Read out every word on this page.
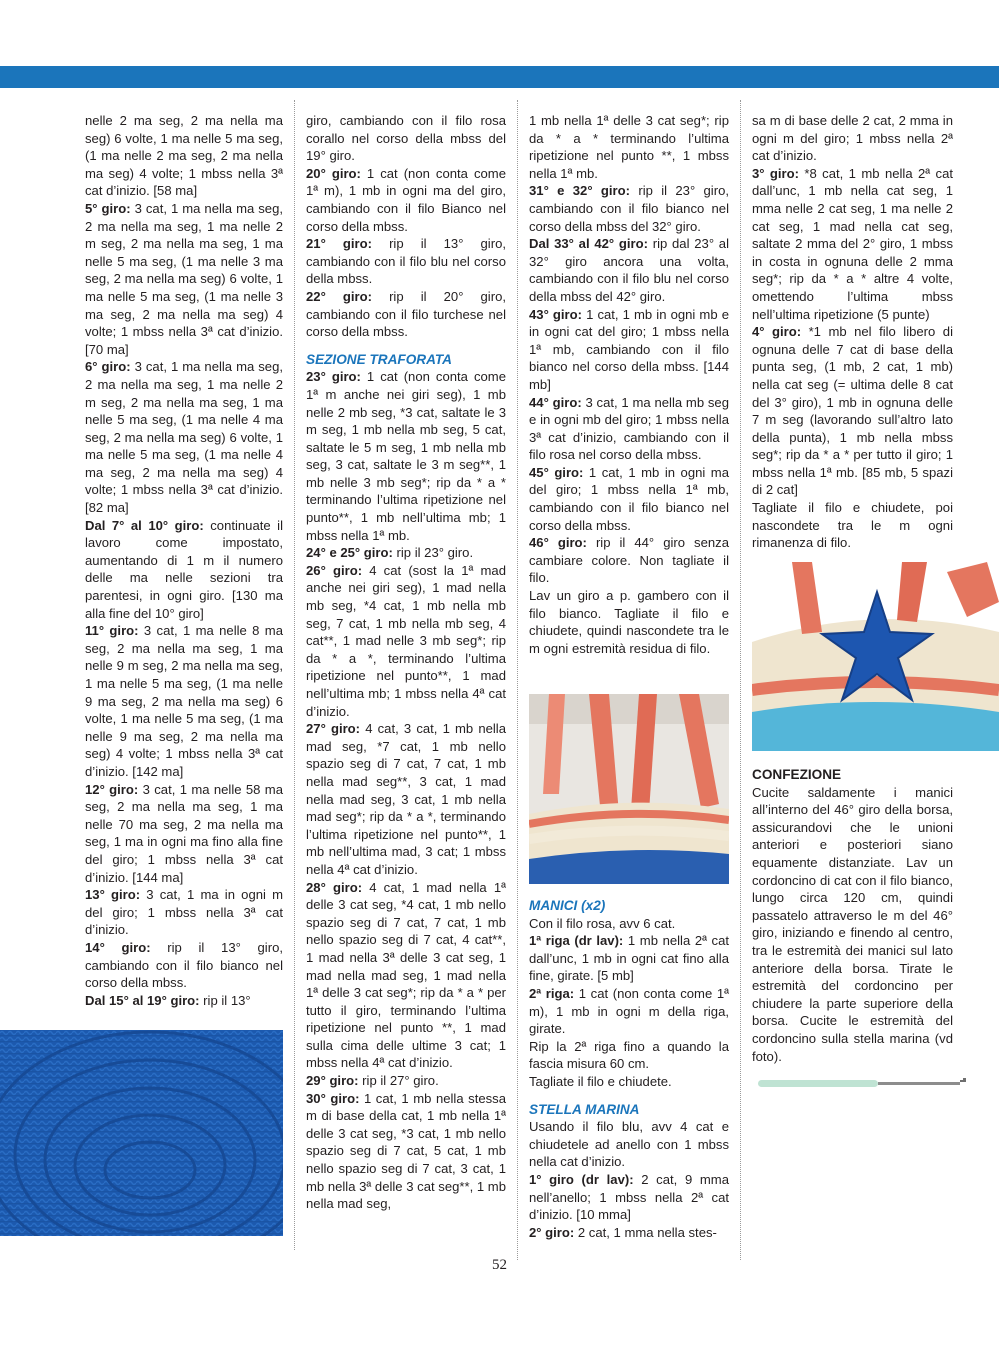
nelle 2 ma seg, 2 ma nella ma seg) 6 volte, 1 ma nelle 5 ma seg, (1 ma nelle 2 ma seg, 2 ma nella ma seg) 4 volte; 1 mbss nella 3ª cat d’inizio. [58 ma]

5° giro: 3 cat, 1 ma nella ma seg, 2 ma nella ma seg, 1 ma nelle 2 m seg, 2 ma nella ma seg, 1 ma nelle 5 ma seg, (1 ma nelle 3 ma seg, 2 ma nella ma seg) 6 volte, 1 ma nelle 5 ma seg, (1 ma nelle 3 ma seg, 2 ma nella ma seg) 4 volte; 1 mbss nella 3ª cat d’inizio. [70 ma]

6° giro: 3 cat, 1 ma nella ma seg, 2 ma nella ma seg, 1 ma nelle 2 m seg, 2 ma nella ma seg, 1 ma nelle 5 ma seg, (1 ma nelle 4 ma seg, 2 ma nella ma seg) 6 volte, 1 ma nelle 5 ma seg, (1 ma nelle 4 ma seg, 2 ma nella ma seg) 4 volte; 1 mbss nella 3ª cat d’inizio. [82 ma]

Dal 7° al 10° giro: continuate il lavoro come impostato, aumentando di 1 m il numero delle ma nelle sezioni tra parentesi, in ogni giro. [130 ma alla fine del 10° giro]

11° giro: 3 cat, 1 ma nelle 8 ma seg, 2 ma nella ma seg, 1 ma nelle 9 m seg, 2 ma nella ma seg, 1 ma nelle 5 ma seg, (1 ma nelle 9 ma seg, 2 ma nella ma seg) 6 volte, 1 ma nelle 5 ma seg, (1 ma nelle 9 ma seg, 2 ma nella ma seg) 4 volte; 1 mbss nella 3ª cat d’inizio. [142 ma]

12° giro: 3 cat, 1 ma nelle 58 ma seg, 2 ma nella ma seg, 1 ma nelle 70 ma seg, 2 ma nella ma seg, 1 ma in ogni ma fino alla fine del giro; 1 mbss nella 3ª cat d’inizio. [144 ma]

13° giro: 3 cat, 1 ma in ogni m del giro; 1 mbss nella 3ª cat d’inizio.

14° giro: rip il 13° giro, cambiando con il filo bianco nel corso della mbss.

Dal 15° al 19° giro: rip il 13°

giro, cambiando con il filo rosa corallo nel corso della mbss del 19° giro.

20° giro: 1 cat (non conta come 1ª m), 1 mb in ogni ma del giro, cambiando con il filo Bianco nel corso della mbss.

21° giro: rip il 13° giro, cambiando con il filo blu nel corso della mbss.

22° giro: rip il 20° giro, cambiando con il filo turchese nel corso della mbss.

SEZIONE TRAFORATA

23° giro: 1 cat (non conta come 1ª m anche nei giri seg), 1 mb nelle 2 mb seg, *3 cat, saltate le 3 m seg, 1 mb nella mb seg, 5 cat, saltate le 5 m seg, 1 mb nella mb seg, 3 cat, saltate le 3 m seg**, 1 mb nelle 3 mb seg*; rip da * a * terminando l’ultima ripetizione nel punto**, 1 mb nell’ultima mb; 1 mbss nella 1ª mb.

24° e 25° giro: rip il 23° giro.

26° giro: 4 cat (sost la 1ª mad anche nei giri seg), 1 mad nella mb seg, *4 cat, 1 mb nella mb seg, 7 cat, 1 mb nella mb seg, 4 cat**, 1 mad nelle 3 mb seg*; rip da * a *, terminando l’ultima ripetizione nel punto**, 1 mad nell’ultima mb; 1 mbss nella 4ª cat d’inizio.

27° giro: 4 cat, 3 cat, 1 mb nella mad seg, *7 cat, 1 mb nello spazio seg di 7 cat, 7 cat, 1 mb nella mad seg**, 3 cat, 1 mad nella mad seg, 3 cat, 1 mb nella mad seg*; rip da * a *, terminando l’ultima ripetizione nel punto**, 1 mb nell’ultima mad, 3 cat; 1 mbss nella 4ª cat d’inizio.

28° giro: 4 cat, 1 mad nella 1ª delle 3 cat seg, *4 cat, 1 mb nello spazio seg di 7 cat, 7 cat, 1 mb nello spazio seg di 7 cat, 4 cat**, 1 mad nella 3ª delle 3 cat seg, 1 mad nella mad seg, 1 mad nella 1ª delle 3 cat seg*; rip da * a * per tutto il giro, terminando l’ultima ripetizione nel punto **, 1 mad sulla cima delle ultime 3 cat; 1 mbss nella 4ª cat d’inizio.

29° giro: rip il 27° giro.

30° giro: 1 cat, 1 mb nella stessa m di base della cat, 1 mb nella 1ª delle 3 cat seg, *3 cat, 1 mb nello spazio seg di 7 cat, 5 cat, 1 mb nello spazio seg di 7 cat, 3 cat, 1 mb nella 3ª delle 3 cat seg**, 1 mb nella mad seg,

1 mb nella 1ª delle 3 cat seg*; rip da * a * terminando l’ultima ripetizione nel punto **, 1 mbss nella 1ª mb.

31° e 32° giro: rip il 23° giro, cambiando con il filo bianco nel corso della mbss del 32° giro.

Dal 33° al 42° giro: rip dal 23° al 32° giro ancora una volta, cambiando con il filo blu nel corso della mbss del 42° giro.

43° giro: 1 cat, 1 mb in ogni mb e in ogni cat del giro; 1 mbss nella 1ª mb, cambiando con il filo bianco nel corso della mbss. [144 mb]

44° giro: 3 cat, 1 ma nella mb seg e in ogni mb del giro; 1 mbss nella 3ª cat d’inizio, cambiando con il filo rosa nel corso della mbss.

45° giro: 1 cat, 1 mb in ogni ma del giro; 1 mbss nella 1ª mb, cambiando con il filo bianco nel corso della mbss.

46° giro: rip il 44° giro senza cambiare colore. Non tagliate il filo.

Lav un giro a p. gambero con il filo bianco. Tagliate il filo e chiudete, quindi nascondete tra le m ogni estremità residua di filo.

MANICI (x2)

Con il filo rosa, avv 6 cat.

1ª riga (dr lav): 1 mb nella 2ª cat dall’unc, 1 mb in ogni cat fino alla fine, girate. [5 mb]

2ª riga: 1 cat (non conta come 1ª m), 1 mb in ogni m della riga, girate.

Rip la 2ª riga fino a quando la fascia misura 60 cm.

Tagliate il filo e chiudete.

STELLA MARINA

Usando il filo blu, avv 4 cat e chiudetele ad anello con 1 mbss nella cat d’inizio.

1° giro (dr lav): 2 cat, 9 mma nell’anello; 1 mbss nella 2ª cat d’inizio. [10 mma]

2° giro: 2 cat, 1 mma nella stes-

sa m di base delle 2 cat, 2 mma in ogni m del giro; 1 mbss nella 2ª cat d’inizio.

3° giro: *8 cat, 1 mb nella 2ª cat dall’unc, 1 mb nella cat seg, 1 mma nelle 2 cat seg, 1 ma nelle 2 cat seg, 1 mad nella cat seg, saltate 2 mma del 2° giro, 1 mbss in costa in ognuna delle 2 mma seg*; rip da * a * altre 4 volte, omettendo l’ultima mbss nell’ultima ripetizione (5 punte)

4° giro: *1 mb nel filo libero di ognuna delle 7 cat di base della punta seg, (1 mb, 2 cat, 1 mb) nella cat seg (= ultima delle 8 cat del 3° giro), 1 mb in ognuna delle 7 m seg (lavorando sull’altro lato della punta), 1 mb nella mbss seg*; rip da * a * per tutto il giro; 1 mbss nella 1ª mb. [85 mb, 5 spazi di 2 cat]

Tagliate il filo e chiudete, poi nascondete tra le m ogni rimanenza di filo.

CONFEZIONE

Cucite saldamente i manici all’interno del 46° giro della borsa, assicurandovi che le unioni anteriori e posteriori siano equamente distanziate. Lav un cordoncino di cat con il filo bianco, lungo circa 120 cm, quindi passatelo attraverso le m del 46° giro, iniziando e finendo al centro, tra le estremità dei manici sul lato anteriore della borsa. Tirate le estremità del cordoncino per chiudere la parte superiore della borsa. Cucite le estremità del cordoncino sulla stella marina (vd foto).

52
